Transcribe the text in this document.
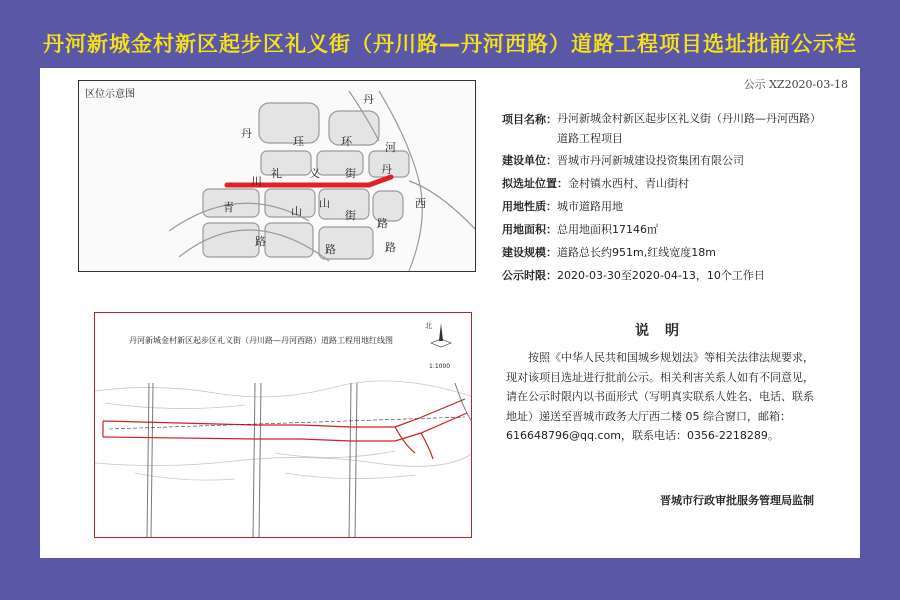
丹河新城金村新区起步区礼义街（丹川路—丹河西路）道路工程项目选址批前公示栏
公示 XZ2020-03-18
区位示意图	丹
丹
珏	环	河
礼 义 街 丹
川
西
青	山
山
街
路
路
路	路
项目名称： 丹河新城金村新区起步区礼义街（丹川路—丹河西路）
道路工程项目
建设单位： 晋城市丹河新城建设投资集团有限公司
拟选址位置： 金村镇水西村、青山街村
用地性质： 城市道路用地
用地面积： 总用地面积17146㎡
建设规模： 道路总长约951m,红线宽度18m
公示时限： 2020-03-30至2020-04-13，10个工作日
丹河新城金村新区起步区礼义街（丹川路—丹河西路）道路工程用地红线图
北
1:1000
说明
按照《中华人民共和国城乡规划法》等相关法律法规要求，现对该项目选址进行批前公示。相关利害关系人如有不同意见，请在公示时限内以书面形式（写明真实联系人姓名、电话、联系地址）递送至晋城市政务大厅西二楼 05 综合窗口，邮箱：616648796@qq.com，联系电话：0356-2218289。
晋城市行政审批服务管理局监制
